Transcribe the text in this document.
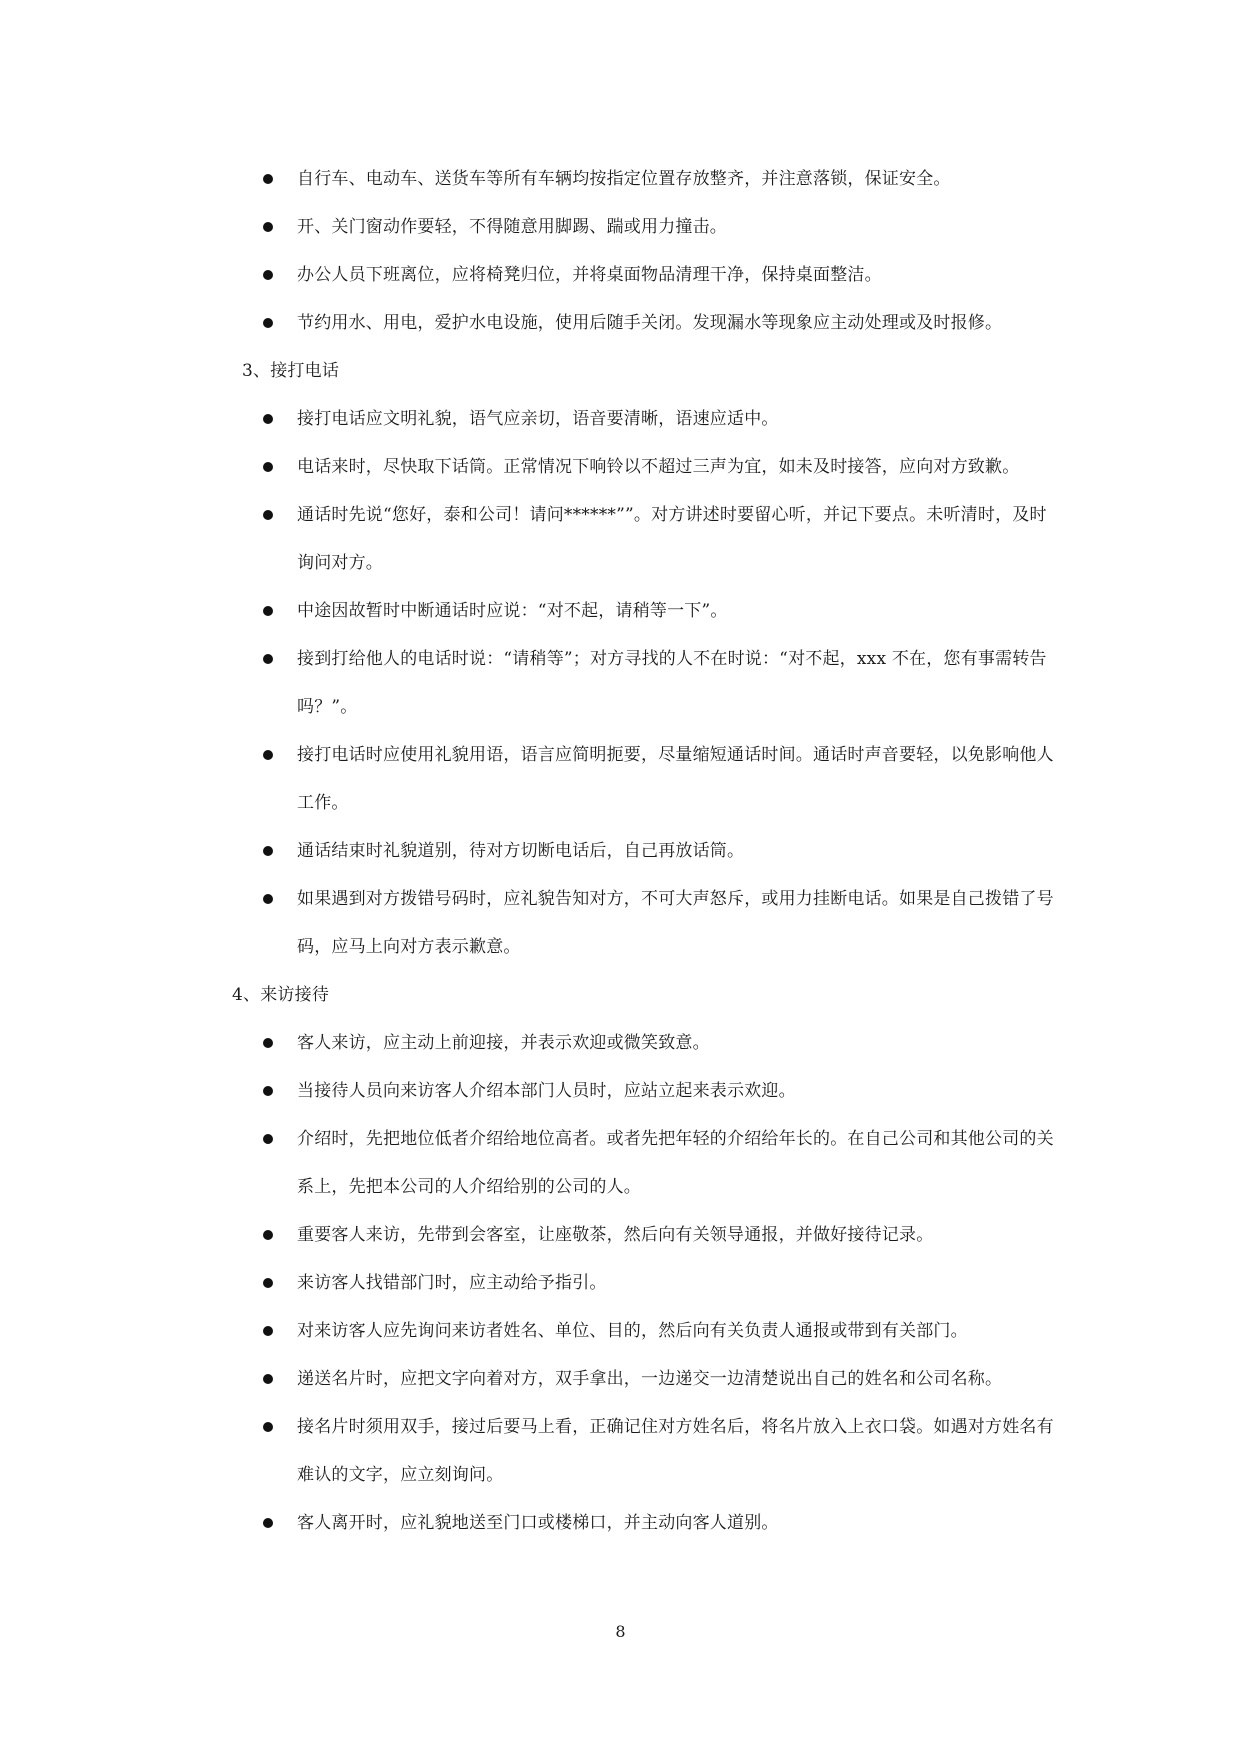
自行车、电动车、送货车等所有车辆均按指定位置存放整齐，并注意落锁，保证安全。
开、关门窗动作要轻，不得随意用脚踢、踹或用力撞击。
办公人员下班离位，应将椅凳归位，并将桌面物品清理干净，保持桌面整洁。
节约用水、用电，爱护水电设施，使用后随手关闭。发现漏水等现象应主动处理或及时报修。
3、接打电话
接打电话应文明礼貌，语气应亲切，语音要清晰，语速应适中。
电话来时，尽快取下话筒。正常情况下响铃以不超过三声为宜，如未及时接答，应向对方致歉。
通话时先说“您好，泰和公司！请问******””。对方讲述时要留心听，并记下要点。未听清时，及时询问对方。
中途因故暂时中断通话时应说：“对不起，请稍等一下”。
接到打给他人的电话时说：“请稍等”；对方寻找的人不在时说：“对不起，xxx 不在，您有事需转告吗？”。
接打电话时应使用礼貌用语，语言应简明扼要，尽量缩短通话时间。通话时声音要轻，以免影响他人工作。
通话结束时礼貌道别，待对方切断电话后，自己再放话筒。
如果遇到对方拨错号码时，应礼貌告知对方，不可大声怒斥，或用力挂断电话。如果是自己拨错了号码，应马上向对方表示歉意。
4、来访接待
客人来访，应主动上前迎接，并表示欢迎或微笑致意。
当接待人员向来访客人介绍本部门人员时，应站立起来表示欢迎。
介绍时，先把地位低者介绍给地位高者。或者先把年轻的介绍给年长的。在自己公司和其他公司的关系上，先把本公司的人介绍给别的公司的人。
重要客人来访，先带到会客室，让座敬茶，然后向有关领导通报，并做好接待记录。
来访客人找错部门时，应主动给予指引。
对来访客人应先询问来访者姓名、单位、目的，然后向有关负责人通报或带到有关部门。
递送名片时，应把文字向着对方，双手拿出，一边递交一边清楚说出自己的姓名和公司名称。
接名片时须用双手，接过后要马上看，正确记住对方姓名后，将名片放入上衣口袋。如遇对方姓名有难认的文字，应立刻询问。
客人离开时，应礼貌地送至门口或楼梯口，并主动向客人道别。
8
